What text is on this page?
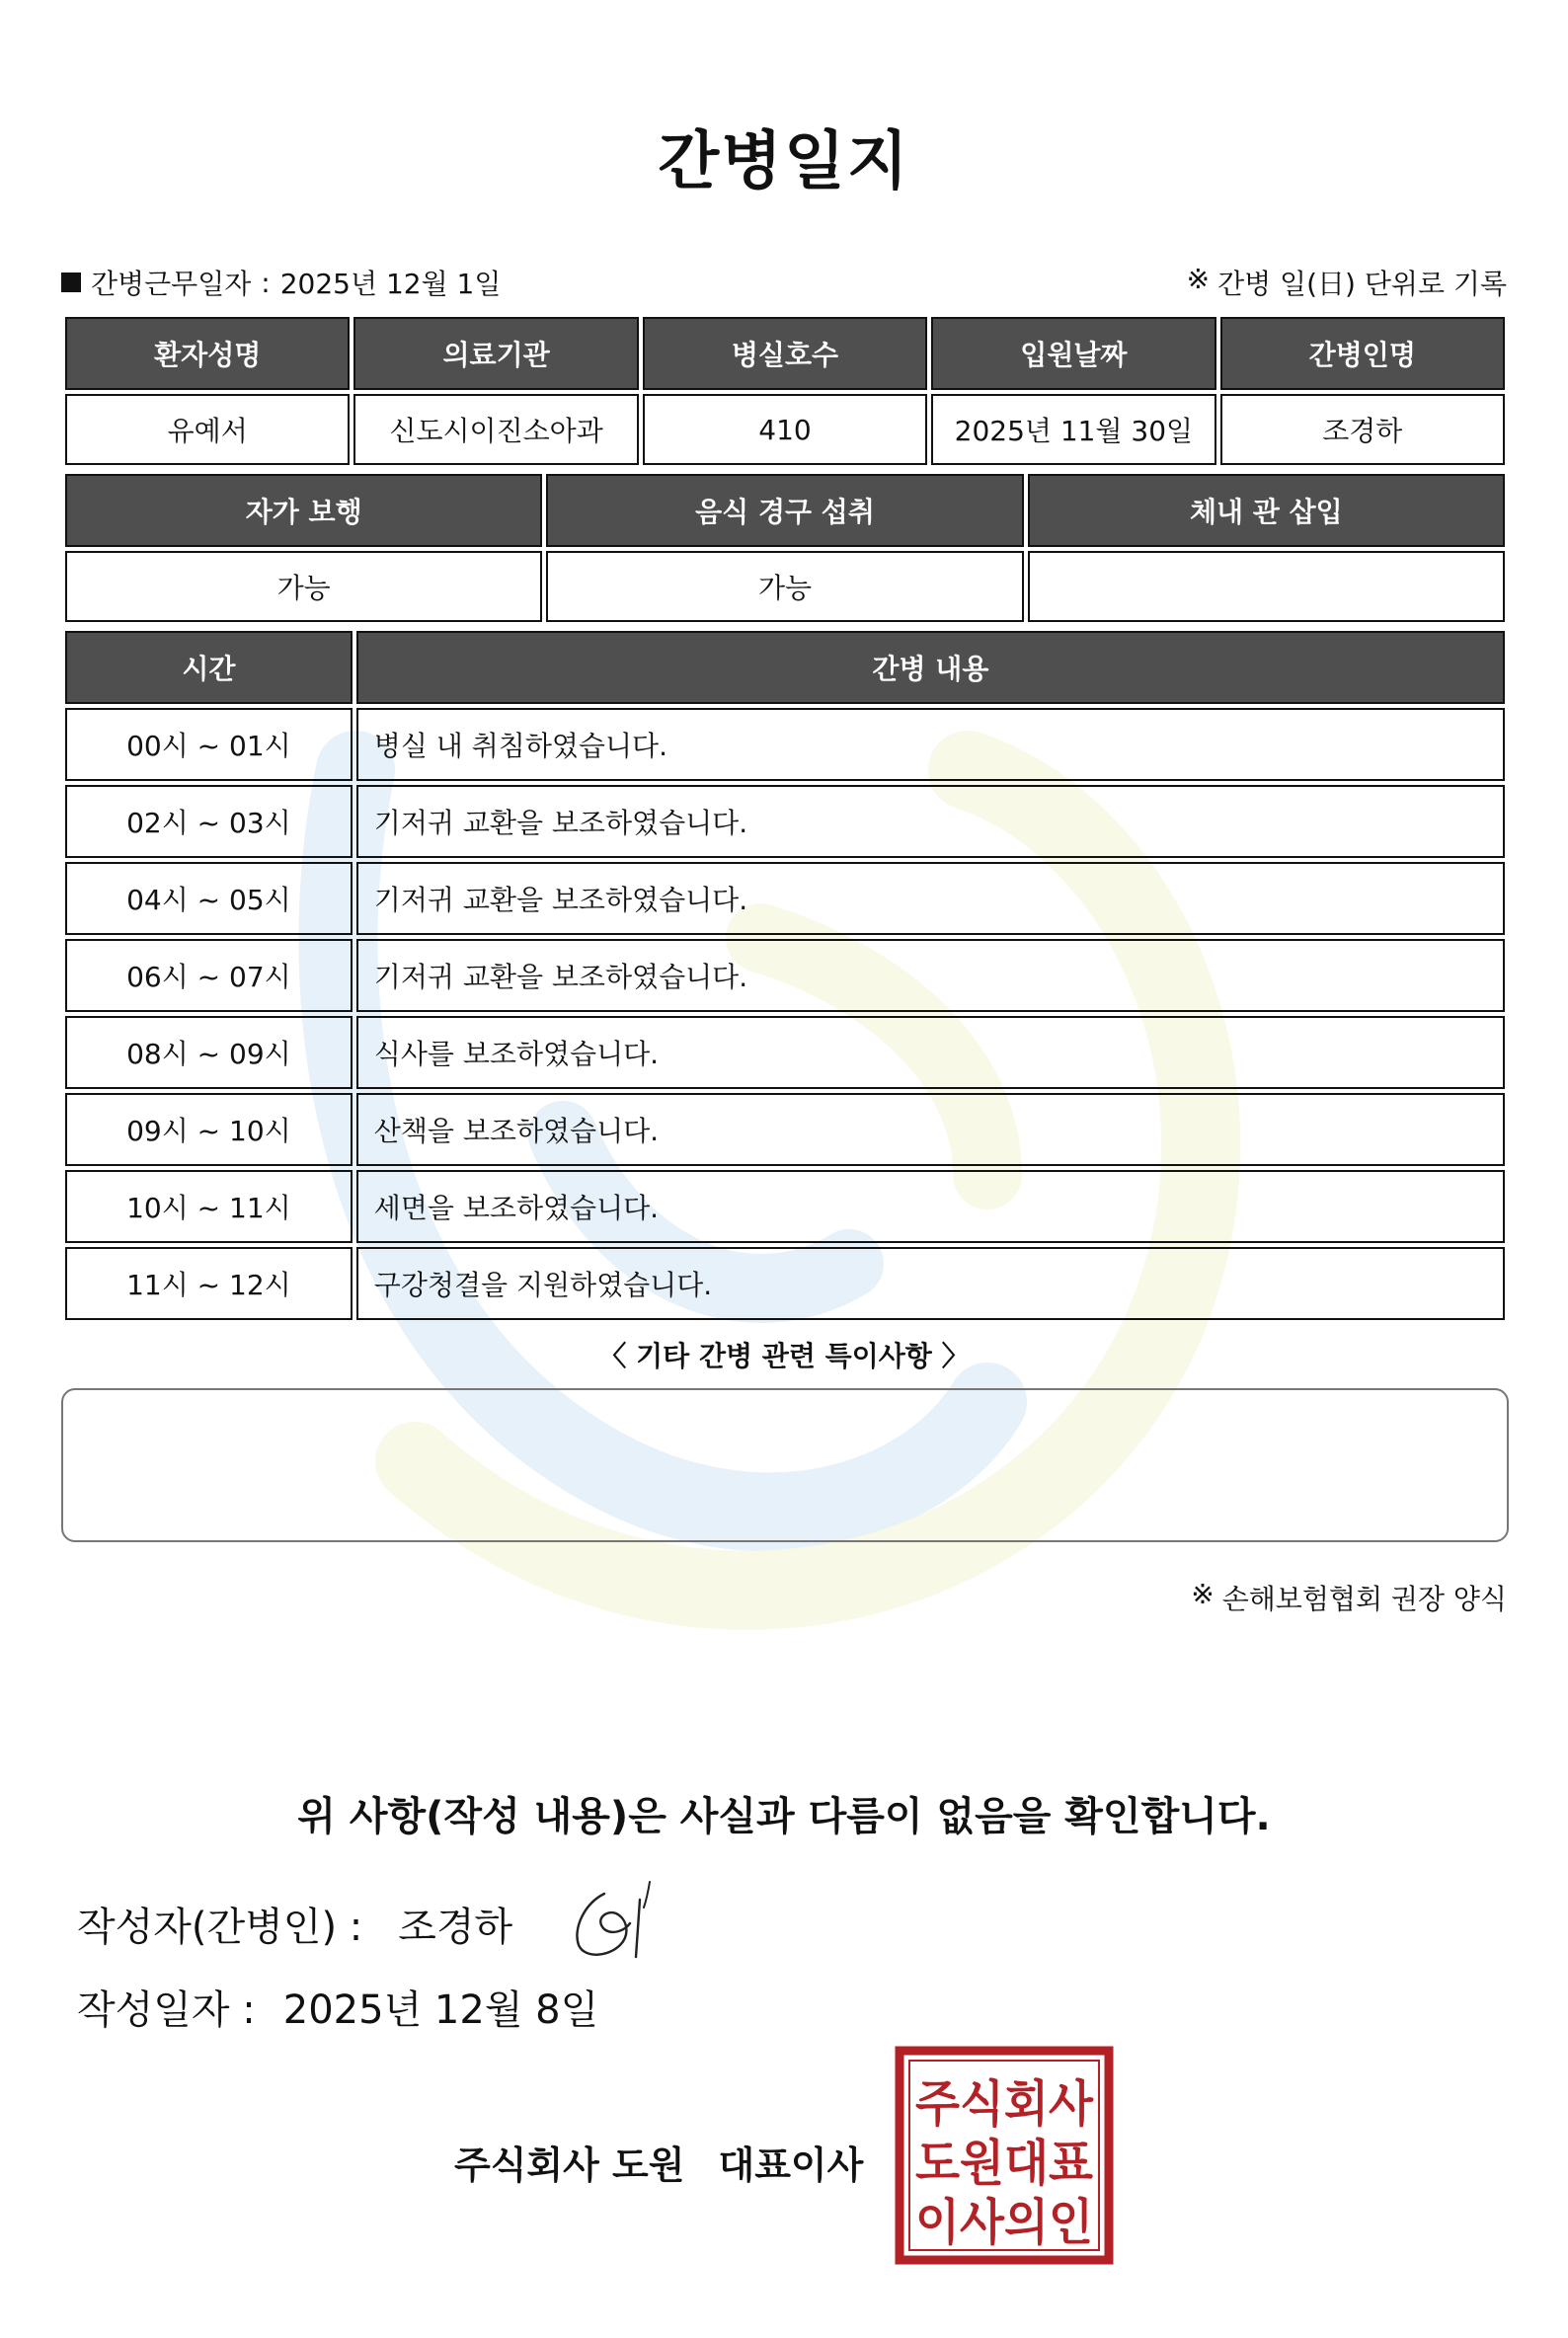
간병일지
간병근무일자 : 2025년 12월 1일	※ 간병 일(日) 단위로 기록
환자성명	의료기관	병실호수	입원날짜	간병인명
유예서	신도시이진소아과	410	2025년 11월 30일	조경하
자가 보행	음식 경구 섭취	체내 관 삽입
가능	가능	
시간	간병 내용
00시 ~ 01시	병실 내 취침하였습니다.
02시 ~ 03시	기저귀 교환을 보조하였습니다.
04시 ~ 05시	기저귀 교환을 보조하였습니다.
06시 ~ 07시	기저귀 교환을 보조하였습니다.
08시 ~ 09시	식사를 보조하였습니다.
09시 ~ 10시	산책을 보조하였습니다.
10시 ~ 11시	세면을 보조하였습니다.
11시 ~ 12시	구강청결을 지원하였습니다.
〈 기타 간병 관련 특이사항 〉
※ 손해보험협회 권장 양식
위 사항(작성 내용)은 사실과 다름이 없음을 확인합니다.
작성자(간병인) : 조경하
작성일자 : 2025년 12월 8일
주식회사 도원 대표이사
주식회사
도원대표
이사의인
